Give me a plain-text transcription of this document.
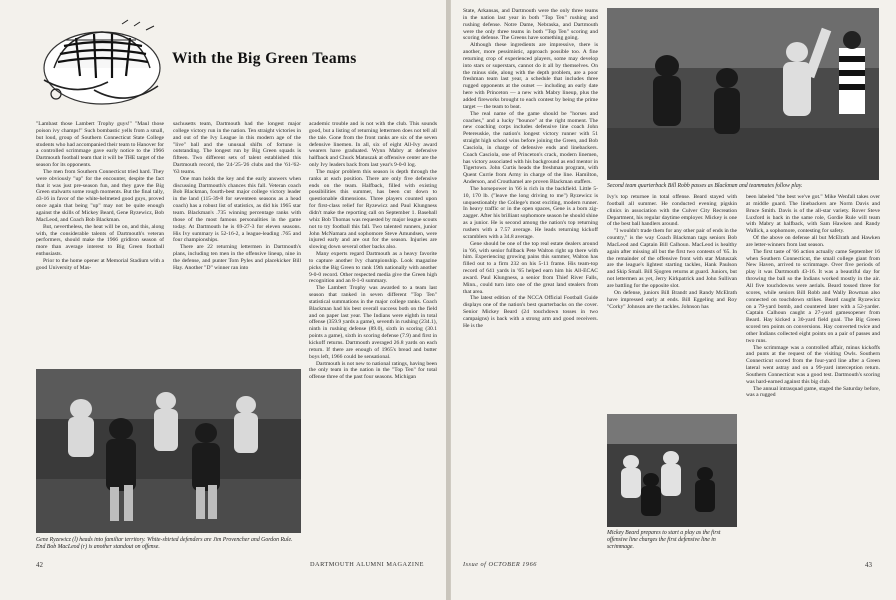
With the Big Green Teams

"Lambast those Lambert Trophy guys!" "Maul those poison ivy champs!" Such bombastic yells from a small, but loud, group of Southern Connecticut State College students who had accompanied their team to Hanover for a controlled scrimmage gave early notice to the 1966 Dartmouth football team that it will be THE target of the season for its opponents.

The men from Southern Connecticut tried hard. They were obviously "up" for the encounter, despite the fact that it was just pre-season fun, and they gave the Big Green stalwarts some rough moments. But the final tally, 43-16 in favor of the white-helmeted good guys, proved once again that being "up" may not be quite enough against the skills of Mickey Beard, Gene Ryzewicz, Bob MacLeod, and Coach Bob Blackman.

But, nevertheless, the heat will be on, and this, along with, the considerable talents of Dartmouth's veteran performers, should make the 1966 gridiron season of more than average interest to Big Green football enthusiasts.

Prior to the home opener at Memorial Stadium with a good University of Mas-

sachusetts team, Dartmouth had the longest major college victory run in the nation. Ten straight victories in and out of the Ivy League in this modern age of the "live" ball and the unusual shifts of fortune is outstanding. The longest run by Big Green squads is fifteen. Two different sets of talent established this Dartmouth record, the '24-'25-'26 clubs and the '61-'62-'63 teams.

One man holds the key and the early answers when discussing Dartmouth's chances this fall. Veteran coach Bob Blackman, fourth-best major college victory leader in the land (115-39-8 for seventeen seasons as a head coach) has a robust list of statistics, as did his 1965 star team. Blackman's .735 winning percentage ranks with those of the most famous personalities in the game today. At Dartmouth he is 69-27-3 for eleven seasons. His Ivy summary is 52-16-2, a league-leading .765 and four championships.

There are 22 returning lettermen in Dartmouth's plans, including ten men in the offensive lineup, nine in the defense, and punter Tom Pyles and placekicker Bill Hay. Another "D" winner ran into

academic trouble and is not with the club. This sounds good, but a listing of returning lettermen does not tell all the tale. Gone from the front ranks are six of the seven defensive linemen. In all, six of eight All-Ivy award wearers have graduated. Wynn Mabry at defensive halfback and Chuck Matuszak at offensive center are the only Ivy leaders back from last year's 9-0-0 log.

The major problem this season is depth through the ranks at each position. There are only five defensive ends on the team. Halfback, filled with existing possibilities this summer, has been cut down to questionable dimensions. Three players counted upon for first-class relief for Ryzewicz and Paul Klungness didn't make the reporting call on September 1. Baseball whiz Bob Thomas was requested by major league scouts not to try football this fall. Two talented runners, junior John McNamara and sophomore Steve Amundsen, were injured early and are out for the season. Injuries are slowing down several other backs also.

Many experts regard Dartmouth as a heavy favorite to capture another Ivy championship. Look magazine picks the Big Green to rank 19th nationally with another 9-0-0 record. Other respected media give the Green high recognition and an 8-1-0 summary.

The Lambert Trophy was awarded to a team last season that ranked in seven different "Top Ten" statistical summations in the major college ranks. Coach Blackman had his best overall success both on the field and on paper last year. The Indians were eighth in total offense (359.9 yards a game), seventh in rushing (234.1), ninth in rushing defense (89.0), sixth in scoring (30.1 points a game), sixth in scoring defense (7.9) and first in kickoff returns. Dartmouth averaged 26.8 yards on each return. If there are enough of 1965's bread and butter boys left, 1966 could be sensational.

Dartmouth is not new to national ratings, having been the only team in the nation in the "Top Ten" for total offense three of the past four seasons. Michigan

Gene Ryzewicz (l) heads into familiar territory. White-shirted defenders are Jim Provencher and Gordon Rule. End Bob MacLeod (r) is another standout on offense.
42	DARTMOUTH ALUMNI MAGAZINE

State, Arkansas, and Dartmouth were the only three teams in the nation last year in both "Top Ten" rushing and rushing defense. Notre Dame, Nebraska, and Dartmouth were the only three teams in both "Top Ten" scoring and scoring defense. The Greens have something going.

Although these ingredients are impressive, there is another, more pessimistic, approach possible too. A fine returning crop of experienced players, some may develop into stars or superstars, cannot do it all by themselves. On the minus side, along with the depth problem, are a poor freshman team last year, a schedule that includes three rugged opponents at the outset — including an early date here with Princeton — a new with Mabry lineup, plus the added fireworks brought to each contest by being the prime target — the team to beat.

The real name of the game should be "horses and coaches," and a lucky "bounce" at the right moment. The new coaching corps includes defensive line coach John Petereuskie, the nation's longest victory runner with 51 straight high school wins before joining the Green, and Bob Casciola, in charge of defensive ends and linebackers. Coach Casciola, one of Princeton's crack, modern linemen, has victory associated with his background as end mentor in Tigertown. John Curtis heads the freshman program, with Quent Currie from Army in charge of the line. Hamilton, Anderson, and Crouthamel are proven Blackman staffers.

The horsepower in '66 is rich in the backfield. Little 5-10, 170 lb. ("leave the long driving to me") Ryzewicz is unquestionably the College's most exciting, modern runner. In heavy traffic or in the open spaces, Gene is a born zig-zagger. After his brilliant sophomore season he should shine as a junior. He is second among the nation's top returning rushers with a 7.57 average. He leads returning kickoff scramblers with a 34.8 average.

Gene should be one of the top real estate dealers around in '66, with senior fullback Pete Walton right up there with him. Experiencing growing pains this summer, Walton has filled out to a firm 232 on his 5-11 frame. His team-top record of 641 yards in '65 helped earn him his All-ECAC award. Paul Klungness, a senior from Thief River Falls, Minn., could turn into one of the great land stealers from that area.

The latest edition of the NCCA Official Football Guide displays one of the nation's best quarterbacks on the cover. Senior Mickey Beard (24 touchdown tosses in two campaigns) is back with a strong arm and good receivers. He is the

Second team quarterback Bill Robb passes as Blackman and teammates follow play.

Ivy's top returnee in total offense. Beard stayed with football all summer. He conducted evening pigskin clinics in association with the Culver City Recreation Department, his regular daytime employer. Mickey is one of the best ball handlers around.

"I wouldn't trade them for any other pair of ends in the country," is the way Coach Blackman tags seniors Bob MacLeod and Captain Bill Calhoun. MacLeod is healthy again after missing all but the first two contests of '65. In the remainder of the offensive front with star Matuszak are the league's lightest starting tackles, Hank Paulson and Skip Small. Bill Sjogren returns at guard. Juniors, but not lettermen as yet, Jerry Kirkpatrick and John Sullivan are battling for the opposite slot.

On defense, juniors Bill Brandt and Randy McElrath have impressed early at ends. Bill Eggeling and Roy "Corky" Johnson are the tackles. Johnson has

Mickey Beard prepares to start a play as the first offensive line charges the first defensive line in scrimmage.

been labeled "the best we've got." Mike Wenfall takes over at middle guard. The linebackers are Norm Davis and Bruce Smith. Davis is of the all-star variety. Rover Steve Luxford is back in the same role, Gordie Rule will team with Mabry at halfback, with Sam Hawken and Randy Wallick, a sophomore, contesting for safety.

Of the above on defense all but McElrath and Hawken are letter-winners from last season.

The first taste of '66 action actually came September 16 when Southern Connecticut, the small college giant from New Haven, arrived to scrimmage. Over five periods of play it was Dartmouth 43-16. It was a beautiful day for throwing the ball so the Indians worked mostly in the air. All five touchdowns were aerials. Beard tossed three for scores, while seniors Bill Robb and Wally Bowman also connected on touchdown strikes. Beard caught Ryzewicz on a 79-yard bomb, and countered later with a 52-yarder. Captain Calhoun caught a 27-yard gamesopener from Beard. Hay kicked a 30-yard field goal. The Big Green scored ten points on conversions. Hay converted twice and other Indians collected eight points on a pair of passes and two runs.

The scrimmage was a controlled affair, minus kickoffs and punts at the request of the visiting Owls. Southern Connecticut scored from the four-yard line after a Green lateral went astray and on a 99-yard interception return. Southern Connecticut was a good test. Dartmouth's scoring was hard-earned against this big club.

The annual intrasquad game, staged the Saturday before, was a rugged

Issue of OCTOBER 1966	43
